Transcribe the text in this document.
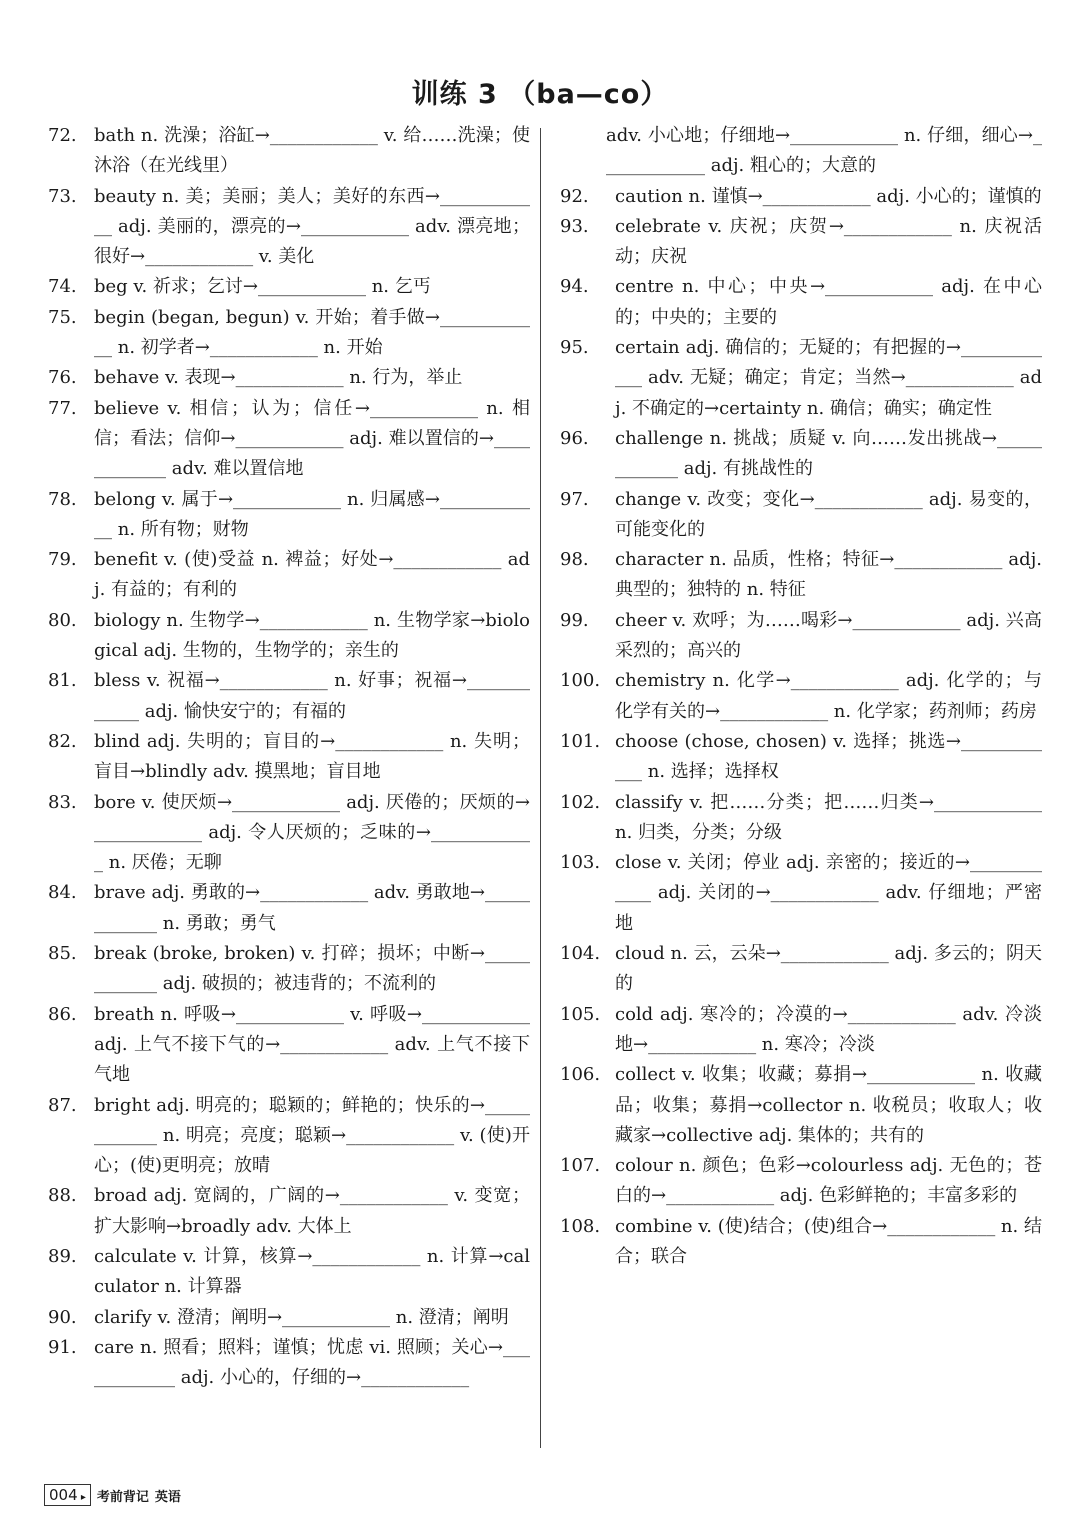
训练 3 （ba—co）
72. bath n. 洗澡；浴缸→____________ v. 给……洗澡；使沐浴（在光线里）
73. beauty n. 美；美丽；美人；美好的东西→____________ adj. 美丽的，漂亮的→____________ adv. 漂亮地；很好→____________ v. 美化
74. beg v. 祈求；乞讨→____________ n. 乞丐
75. begin (began, begun) v. 开始；着手做→____________ n. 初学者→____________ n. 开始
76. behave v. 表现→____________ n. 行为，举止
77. believe v. 相信；认为；信任→____________ n. 相信；看法；信仰→____________ adj. 难以置信的→____________ adv. 难以置信地
78. belong v. 属于→____________ n. 归属感→____________ n. 所有物；财物
79. benefit v. (使)受益 n. 裨益；好处→____________ adj. 有益的；有利的
80. biology n. 生物学→____________ n. 生物学家→biological adj. 生物的，生物学的；亲生的
81. bless v. 祝福→____________ n. 好事；祝福→____________ adj. 愉快安宁的；有福的
82. blind adj. 失明的；盲目的→____________ n. 失明；盲目→blindly adv. 摸黑地；盲目地
83. bore v. 使厌烦→____________ adj. 厌倦的；厌烦的→____________ adj. 令人厌烦的；乏味的→____________ n. 厌倦；无聊
84. brave adj. 勇敢的→____________ adv. 勇敢地→____________ n. 勇敢；勇气
85. break (broke, broken) v. 打碎；损坏；中断→____________ adj. 破损的；被违背的；不流利的
86. breath n. 呼吸→____________ v. 呼吸→____________ adj. 上气不接下气的→____________ adv. 上气不接下气地
87. bright adj. 明亮的；聪颖的；鲜艳的；快乐的→____________ n. 明亮；亮度；聪颖→____________ v. (使)开心；(使)更明亮；放晴
88. broad adj. 宽阔的，广阔的→____________ v. 变宽；扩大影响→broadly adv. 大体上
89. calculate v. 计算，核算→____________ n. 计算→calculator n. 计算器
90. clarify v. 澄清；阐明→____________ n. 澄清；阐明
91. care n. 照看；照料；谨慎；忧虑 vi. 照顾；关心→____________ adj. 小心的，仔细的→____________
adv. 小心地；仔细地→____________ n. 仔细，细心→____________ adj. 粗心的；大意的
92. caution n. 谨慎→____________ adj. 小心的；谨慎的
93. celebrate v. 庆祝；庆贺→____________ n. 庆祝活动；庆祝
94. centre n. 中心；中央→____________ adj. 在中心的；中央的；主要的
95. certain adj. 确信的；无疑的；有把握的→____________ adv. 无疑；确定；肯定；当然→____________ adj. 不确定的→certainty n. 确信；确实；确定性
96. challenge n. 挑战；质疑 v. 向……发出挑战→____________ adj. 有挑战性的
97. change v. 改变；变化→____________ adj. 易变的，可能变化的
98. character n. 品质，性格；特征→____________ adj. 典型的；独特的 n. 特征
99. cheer v. 欢呼；为……喝彩→____________ adj. 兴高采烈的；高兴的
100. chemistry n. 化学→____________ adj. 化学的；与化学有关的→____________ n. 化学家；药剂师；药房
101. choose (chose, chosen) v. 选择；挑选→____________ n. 选择；选择权
102. classify v. 把……分类；把……归类→____________ n. 归类，分类；分级
103. close v. 关闭；停业 adj. 亲密的；接近的→____________ adj. 关闭的→____________ adv. 仔细地；严密地
104. cloud n. 云，云朵→____________ adj. 多云的；阴天的
105. cold adj. 寒冷的；冷漠的→____________ adv. 冷淡地→____________ n. 寒冷；冷淡
106. collect v. 收集；收藏；募捐→____________ n. 收藏品；收集；募捐→collector n. 收税员；收取人；收藏家→collective adj. 集体的；共有的
107. colour n. 颜色；色彩→colourless adj. 无色的；苍白的→____________ adj. 色彩鲜艳的；丰富多彩的
108. combine v. (使)结合；(使)组合→____________ n. 结合；联合
004 ▸ 考前背记 英语
